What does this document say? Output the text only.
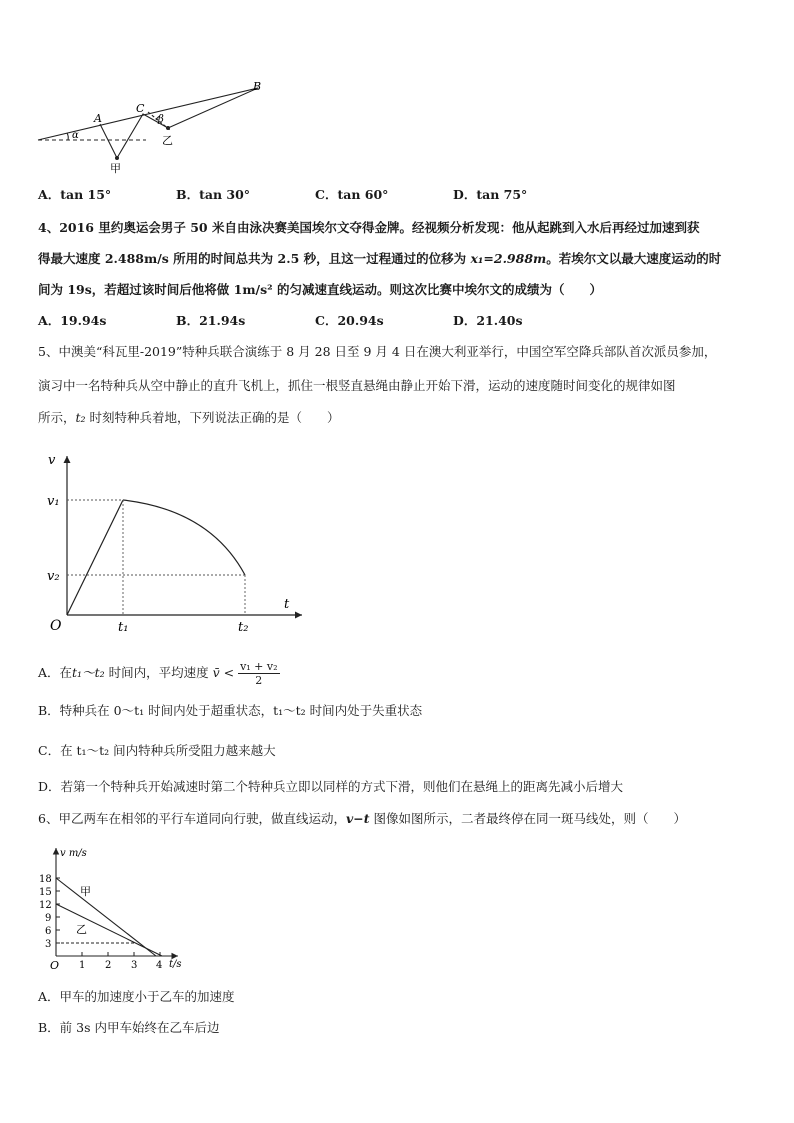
A
B
C
α
β
甲
乙
A．tan 15°	B．tan 30°	C．tan 60°	D．tan 75°
4、2016 里约奥运会男子 50 米自由泳决赛美国埃尔文夺得金牌。经视频分析发现：他从起跳到入水后再经过加速到获
得最大速度 2.488m/s 所用的时间总共为 2.5 秒，且这一过程通过的位移为 x₁=2.988m。若埃尔文以最大速度运动的时
间为 19s，若超过该时间后他将做 1m/s² 的匀减速直线运动。则这次比赛中埃尔文的成绩为（　　）
A．19.94s	B．21.94s	C．20.94s	D．21.40s
5、中澳美“科瓦里-2019”特种兵联合演练于 8 月 28 日至 9 月 4 日在澳大利亚举行，中国空军空降兵部队首次派员参加，
演习中一名特种兵从空中静止的直升飞机上，抓住一根竖直悬绳由静止开始下滑，运动的速度随时间变化的规律如图
所示，t₂ 时刻特种兵着地，下列说法正确的是（　　）
v
t
O
v₁
v₂
t₁	t₂
A．在t₁～t₂ 时间内，平均速度 v̄ < $\frac{\text{v₁ + v₂}}{2}$
B．特种兵在 0～t₁ 时间内处于超重状态，t₁～t₂ 时间内处于失重状态
C．在 t₁～t₂ 间内特种兵所受阻力越来越大
D．若第一个特种兵开始减速时第二个特种兵立即以同样的方式下滑，则他们在悬绳上的距离先减小后增大
6、甲乙两车在相邻的平行车道同向行驶，做直线运动，v−t 图像如图所示，二者最终停在同一斑马线处，则（　　）
v m/s
t/s
O
18
15
12
9
6
3
1 2 3 4
甲
乙
A．甲车的加速度小于乙车的加速度
B．前 3s 内甲车始终在乙车后边
